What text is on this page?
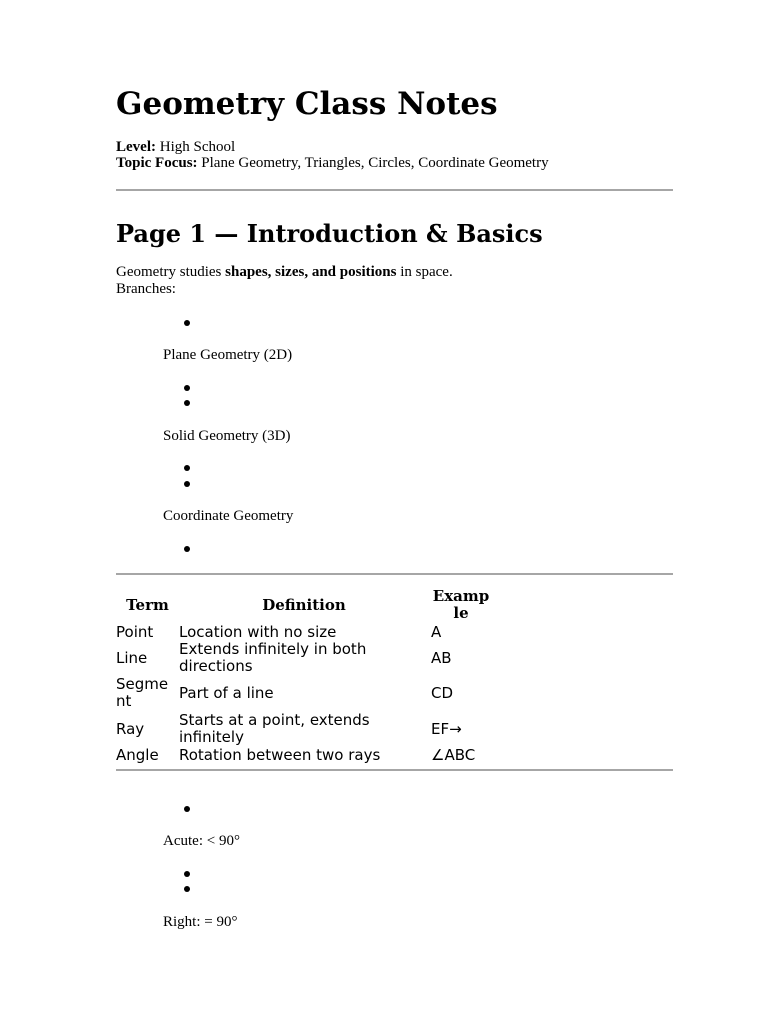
Geometry Class Notes
Level: High School
Topic Focus: Plane Geometry, Triangles, Circles, Coordinate Geometry
Page 1 — Introduction & Basics
Geometry studies shapes, sizes, and positions in space.
Branches:
Plane Geometry (2D)
Solid Geometry (3D)
Coordinate Geometry
Term	Definition	Examp
le
Point	Location with no size	A
Line	Extends infinitely in both
directions	AB
Segme
nt	Part of a line	CD
Ray	Starts at a point, extends
infinitely	EF→
Angle	Rotation between two rays	∠ABC
Acute: < 90°
Right: = 90°
